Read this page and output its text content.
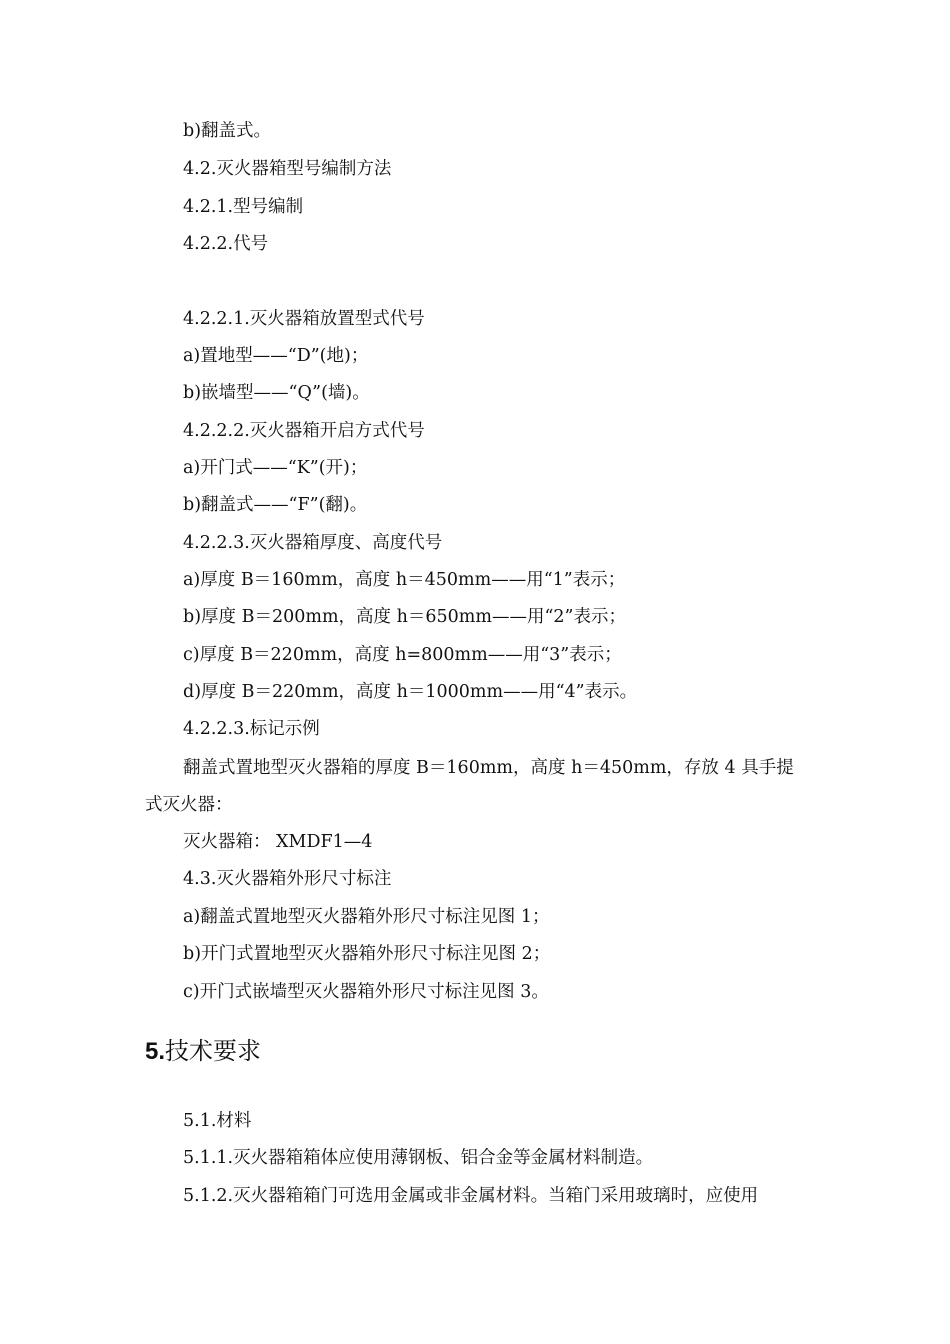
b)翻盖式。
4.2.灭火器箱型号编制方法
4.2.1.型号编制
4.2.2.代号
4.2.2.1.灭火器箱放置型式代号
a)置地型——“D”(地)；
b)嵌墙型——“Q”(墙)。
4.2.2.2.灭火器箱开启方式代号
a)开门式——“K”(开)；
b)翻盖式——“F”(翻)。
4.2.2.3.灭火器箱厚度、高度代号
a)厚度 B＝160mm，高度 h＝450mm——用“1”表示；
b)厚度 B＝200mm，高度 h＝650mm——用“2”表示；
c)厚度 B＝220mm，高度 h=800mm——用“3”表示；
d)厚度 B＝220mm，高度 h＝1000mm——用“4”表示。
4.2.2.3.标记示例
翻盖式置地型灭火器箱的厚度 B＝160mm，高度 h＝450mm，存放 4 具手提
式灭火器：
灭火器箱： XMDF1—4
4.3.灭火器箱外形尺寸标注
a)翻盖式置地型灭火器箱外形尺寸标注见图 1；
b)开门式置地型灭火器箱外形尺寸标注见图 2；
c)开门式嵌墙型灭火器箱外形尺寸标注见图 3。
5.技术要求
5.1.材料
5.1.1.灭火器箱箱体应使用薄钢板、铝合金等金属材料制造。
5.1.2.灭火器箱箱门可选用金属或非金属材料。当箱门采用玻璃时，应使用
